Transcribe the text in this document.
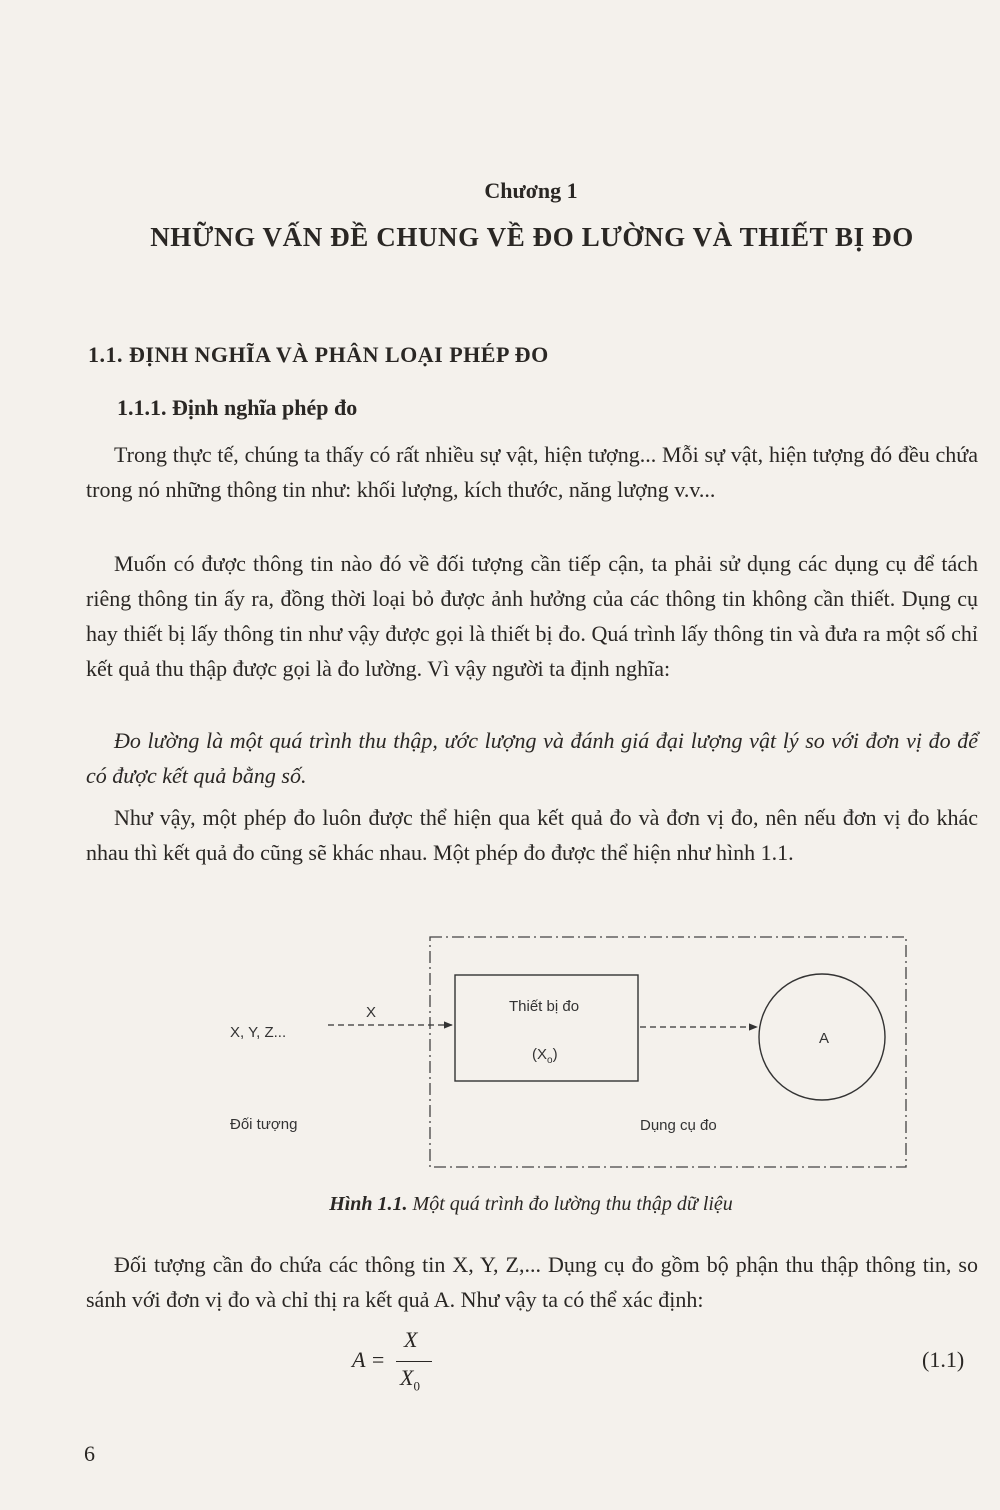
Chương 1
NHỮNG VẤN ĐỀ CHUNG VỀ ĐO LƯỜNG VÀ THIẾT BỊ ĐO
1.1. ĐỊNH NGHĨA VÀ PHÂN LOẠI PHÉP ĐO
1.1.1. Định nghĩa phép đo

Trong thực tế, chúng ta thấy có rất nhiều sự vật, hiện tượng... Mỗi sự vật, hiện tượng đó đều chứa trong nó những thông tin như: khối lượng, kích thước, năng lượng v.v...

Muốn có được thông tin nào đó về đối tượng cần tiếp cận, ta phải sử dụng các dụng cụ để tách riêng thông tin ấy ra, đồng thời loại bỏ được ảnh hưởng của các thông tin không cần thiết. Dụng cụ hay thiết bị lấy thông tin như vậy được gọi là thiết bị đo. Quá trình lấy thông tin và đưa ra một số chỉ kết quả thu thập được gọi là đo lường. Vì vậy người ta định nghĩa:

Đo lường là một quá trình thu thập, ước lượng và đánh giá đại lượng vật lý so với đơn vị đo để có được kết quả bằng số.

Như vậy, một phép đo luôn được thể hiện qua kết quả đo và đơn vị đo, nên nếu đơn vị đo khác nhau thì kết quả đo cũng sẽ khác nhau. Một phép đo được thể hiện như hình 1.1.

X, Y, Z...
X	Thiết bị đo
$(X_o)$
A
Đối tượng	Dụng cụ đo
Hình 1.1. Một quá trình đo lường thu thập dữ liệu

Đối tượng cần đo chứa các thông tin X, Y, Z,... Dụng cụ đo gồm bộ phận thu thập thông tin, so sánh với đơn vị đo và chỉ thị ra kết quả A. Như vậy ta có thể xác định:

A =
X
$X_0$
(1.1)
6
